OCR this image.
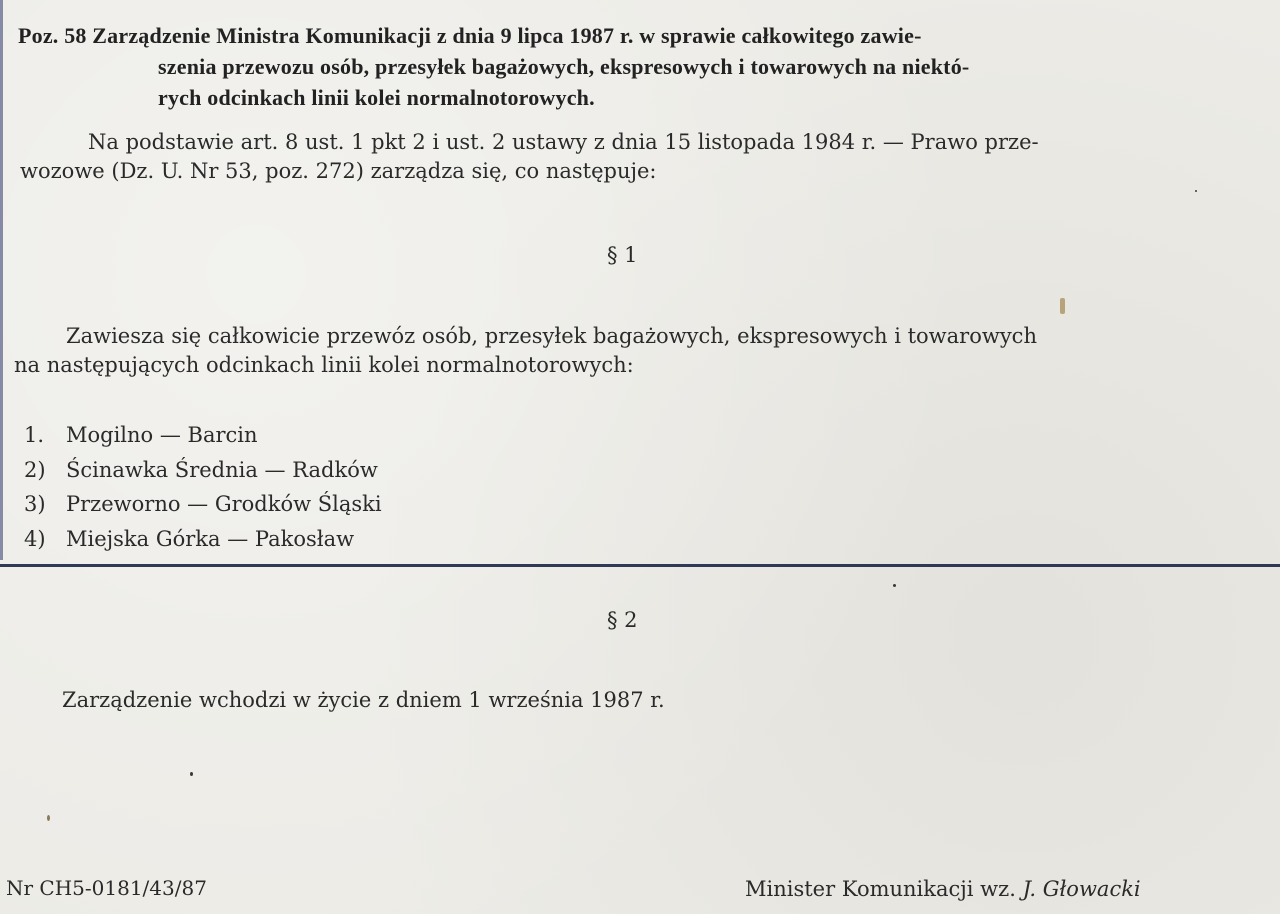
Poz. 58 Zarządzenie Ministra Komunikacji z dnia 9 lipca 1987 r. w sprawie całkowitego zawie-
szenia przewozu osób, przesyłek bagażowych, ekspresowych i towarowych na niektó-
rych odcinkach linii kolei normalnotorowych.
Na podstawie art. 8 ust. 1 pkt 2 i ust. 2 ustawy z dnia 15 listopada 1984 r. — Prawo prze-
wozowe (Dz. U. Nr 53, poz. 272) zarządza się, co następuje:
§ 1
Zawiesza się całkowicie przewóz osób, przesyłek bagażowych, ekspresowych i towarowych
na następujących odcinkach linii kolei normalnotorowych:
1. Mogilno — Barcin
2) Ścinawka Średnia — Radków
3) Przeworno — Grodków Śląski
4) Miejska Górka — Pakosław
§ 2
Zarządzenie wchodzi w życie z dniem 1 września 1987 r.
Nr CH5-0181/43/87	Minister Komunikacji wz. J. Głowacki
